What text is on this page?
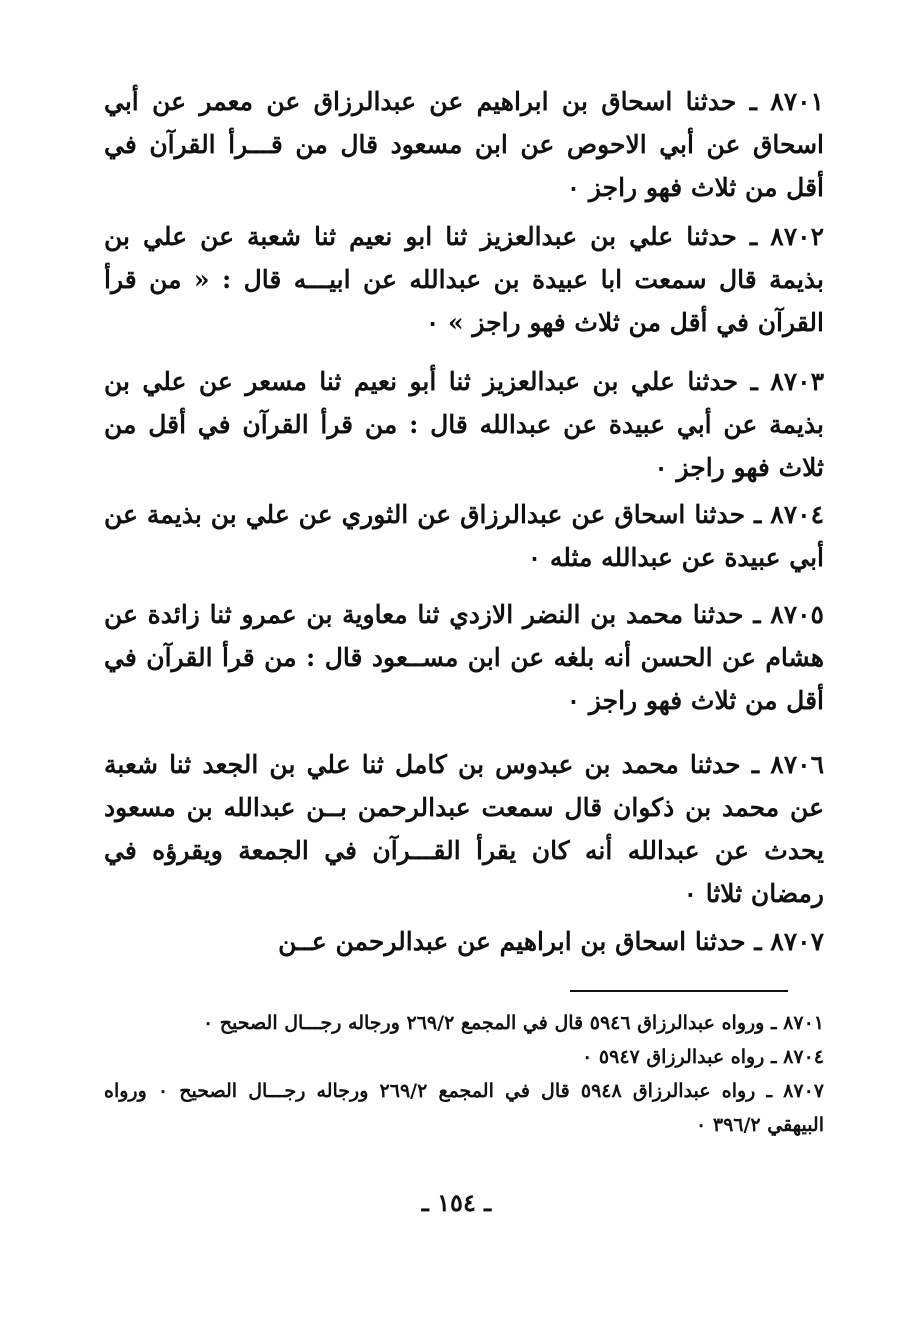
٨٧٠١ ـ حدثنا اسحاق بن ابراهيم عن عبدالرزاق عن معمر عن أبي اسحاق عن أبي الاحوص عن ابن مسعود قال من قـــرأ القرآن في أقل من ثلاث فهو راجز ٠

٨٧٠٢ ـ حدثنا علي بن عبدالعزيز ثنا ابو نعيم ثنا شعبة عن علي بن بذيمة قال سمعت ابا عبيدة بن عبدالله عن ابيـــه قال : « من قرأ القرآن في أقل من ثلاث فهو راجز » ٠

٨٧٠٣ ـ حدثنا علي بن عبدالعزيز ثنا أبو نعيم ثنا مسعر عن علي بن بذيمة عن أبي عبيدة عن عبدالله قال : من قرأ القرآن في أقل من ثلاث فهو راجز ٠

٨٧٠٤ ـ حدثنا اسحاق عن عبدالرزاق عن الثوري عن علي بن بذيمة عن أبي عبيدة عن عبدالله مثله ٠

٨٧٠٥ ـ حدثنا محمد بن النضر الازدي ثنا معاوية بن عمرو ثنا زائدة عن هشام عن الحسن أنه بلغه عن ابن مســعود قال : من قرأ القرآن في أقل من ثلاث فهو راجز ٠

٨٧٠٦ ـ حدثنا محمد بن عبدوس بن كامل ثنا علي بن الجعد ثنا شعبة عن محمد بن ذكوان قال سمعت عبدالرحمن بــن عبدالله بن مسعود يحدث عن عبدالله أنه كان يقرأ القـــرآن في الجمعة ويقرؤه في رمضان ثلاثا ٠

٨٧٠٧ ـ حدثنا اسحاق بن ابراهيم عن عبدالرحمن عــن

٨٧٠١ ـ ورواه عبدالرزاق ٥٩٤٦ قال في المجمع ٢٦٩/٢ ورجاله رجـــال الصحيح ٠

٨٧٠٤ ـ رواه عبدالرزاق ٥٩٤٧ ٠

٨٧٠٧ ـ رواه عبدالرزاق ٥٩٤٨ قال في المجمع ٢٦٩/٢ ورجاله رجـــال الصحيح ٠ ورواه البيهقي ٣٩٦/٢ ٠

ـ ١٥٤ ـ
